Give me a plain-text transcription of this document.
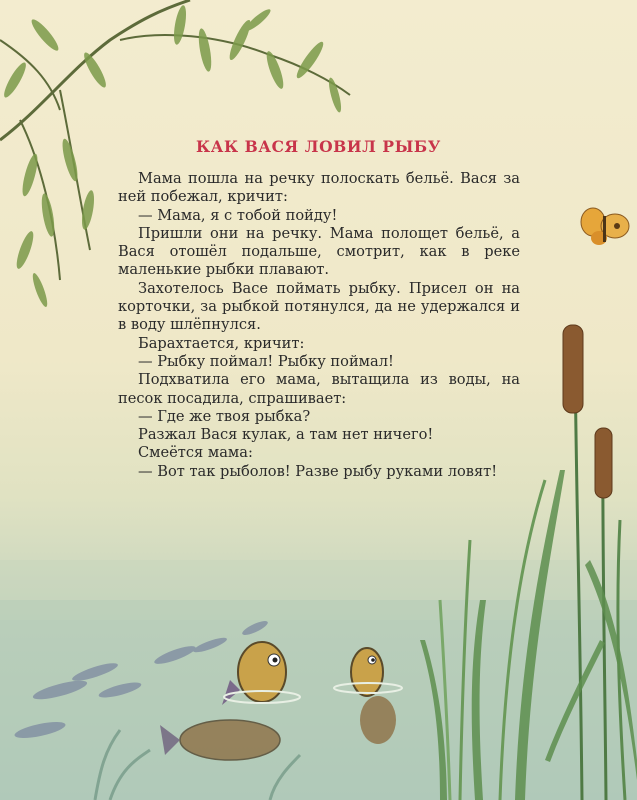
КАК ВАСЯ ЛОВИЛ РЫБУ

Мама пошла на речку полоскать бельё. Вася за ней побежал, кричит:

— Мама, я с тобой пойду!

Пришли они на речку. Мама полощет бельё, а Вася отошёл подальше, смотрит, как в реке маленькие рыбки плавают.

Захотелось Васе поймать рыбку. Присел он на корточки, за рыбкой потянулся, да не удержался и в воду шлёпнулся.

Барахтается, кричит:

— Рыбку поймал! Рыбку поймал!

Подхватила его мама, вытащила из воды, на песок посадила, спрашивает:

— Где же твоя рыбка?

Разжал Вася кулак, а там нет ничего!

Смеётся мама:

— Вот так рыболов! Разве рыбу руками ловят!
